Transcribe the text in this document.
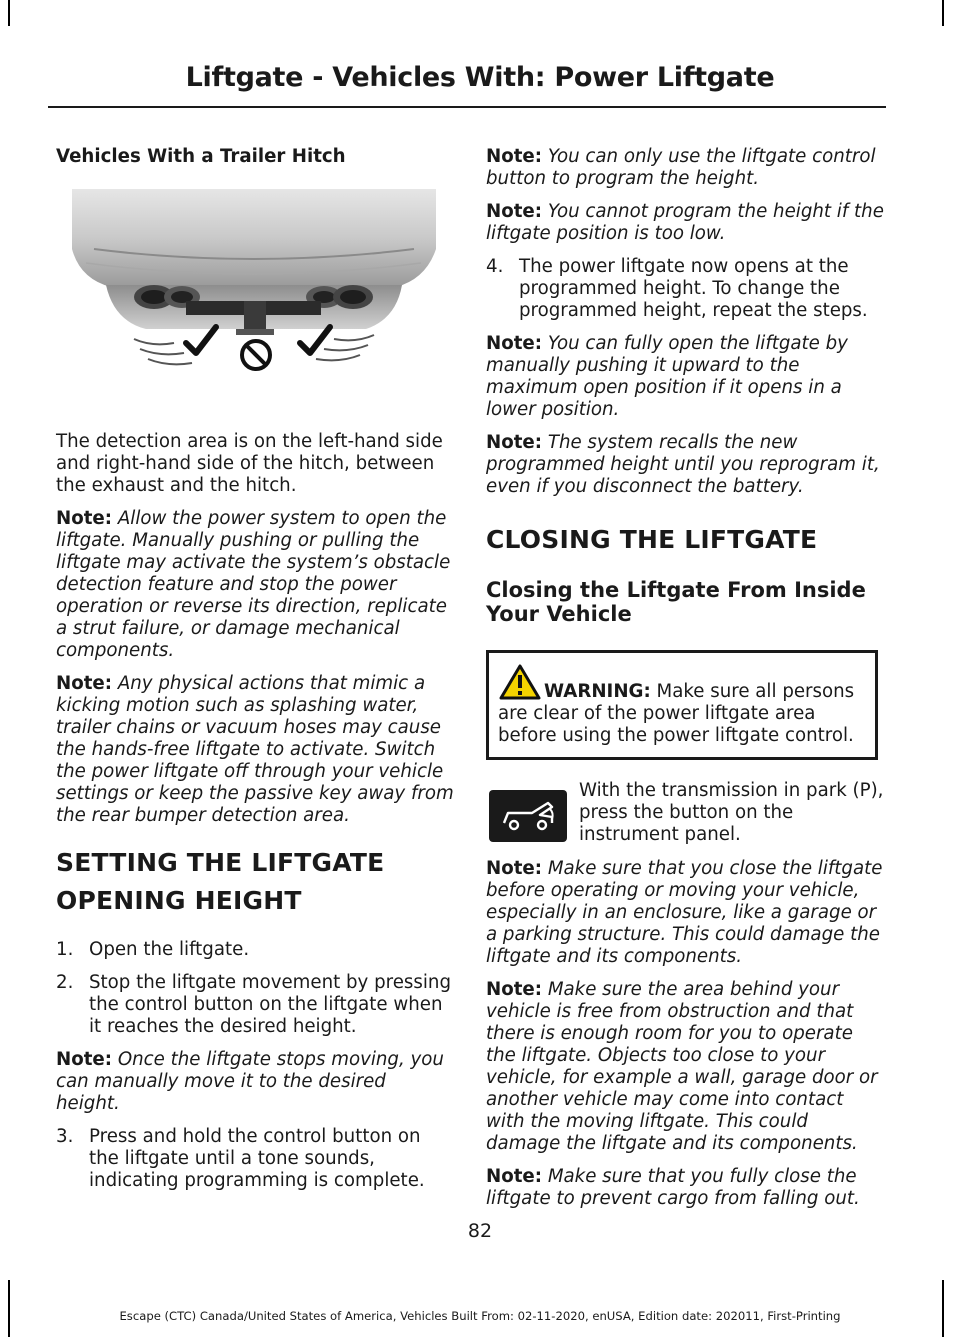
Liftgate - Vehicles With: Power Liftgate
Vehicles With a Trailer Hitch

The detection area is on the left-hand side and right-hand side of the hitch, between the exhaust and the hitch.

Note: Allow the power system to open the liftgate. Manually pushing or pulling the liftgate may activate the system’s obstacle detection feature and stop the power operation or reverse its direction, replicate a strut failure, or damage mechanical components.

Note: Any physical actions that mimic a kicking motion such as splashing water, trailer chains or vacuum hoses may cause the hands-free liftgate to activate. Switch the power liftgate off through your vehicle settings or keep the passive key away from the rear bumper detection area.

SETTING THE LIFTGATE
OPENING HEIGHT
1. Open the liftgate.
2. Stop the liftgate movement by pressing the control button on the liftgate when it reaches the desired height.

Note: Once the liftgate stops moving, you can manually move it to the desired height.

3. Press and hold the control button on the liftgate until a tone sounds, indicating programming is complete.

Note: You can only use the liftgate control button to program the height.

Note: You cannot program the height if the liftgate position is too low.

4. The power liftgate now opens at the programmed height. To change the programmed height, repeat the steps.

Note: You can fully open the liftgate by manually pushing it upward to the maximum open position if it opens in a lower position.

Note: The system recalls the new programmed height until you reprogram it, even if you disconnect the battery.

CLOSING THE LIFTGATE
Closing the Liftgate From Inside Your Vehicle

WARNING: Make sure all persons are clear of the power liftgate area before using the power liftgate control.

With the transmission in park (P), press the button on the instrument panel.

Note: Make sure that you close the liftgate before operating or moving your vehicle, especially in an enclosure, like a garage or a parking structure. This could damage the liftgate and its components.

Note: Make sure the area behind your vehicle is free from obstruction and that there is enough room for you to operate the liftgate. Objects too close to your vehicle, for example a wall, garage door or another vehicle may come into contact with the moving liftgate. This could damage the liftgate and its components.

Note: Make sure that you fully close the liftgate to prevent cargo from falling out.

82
Escape (CTC) Canada/United States of America, Vehicles Built From: 02-11-2020, enUSA, Edition date: 202011, First-Printing
